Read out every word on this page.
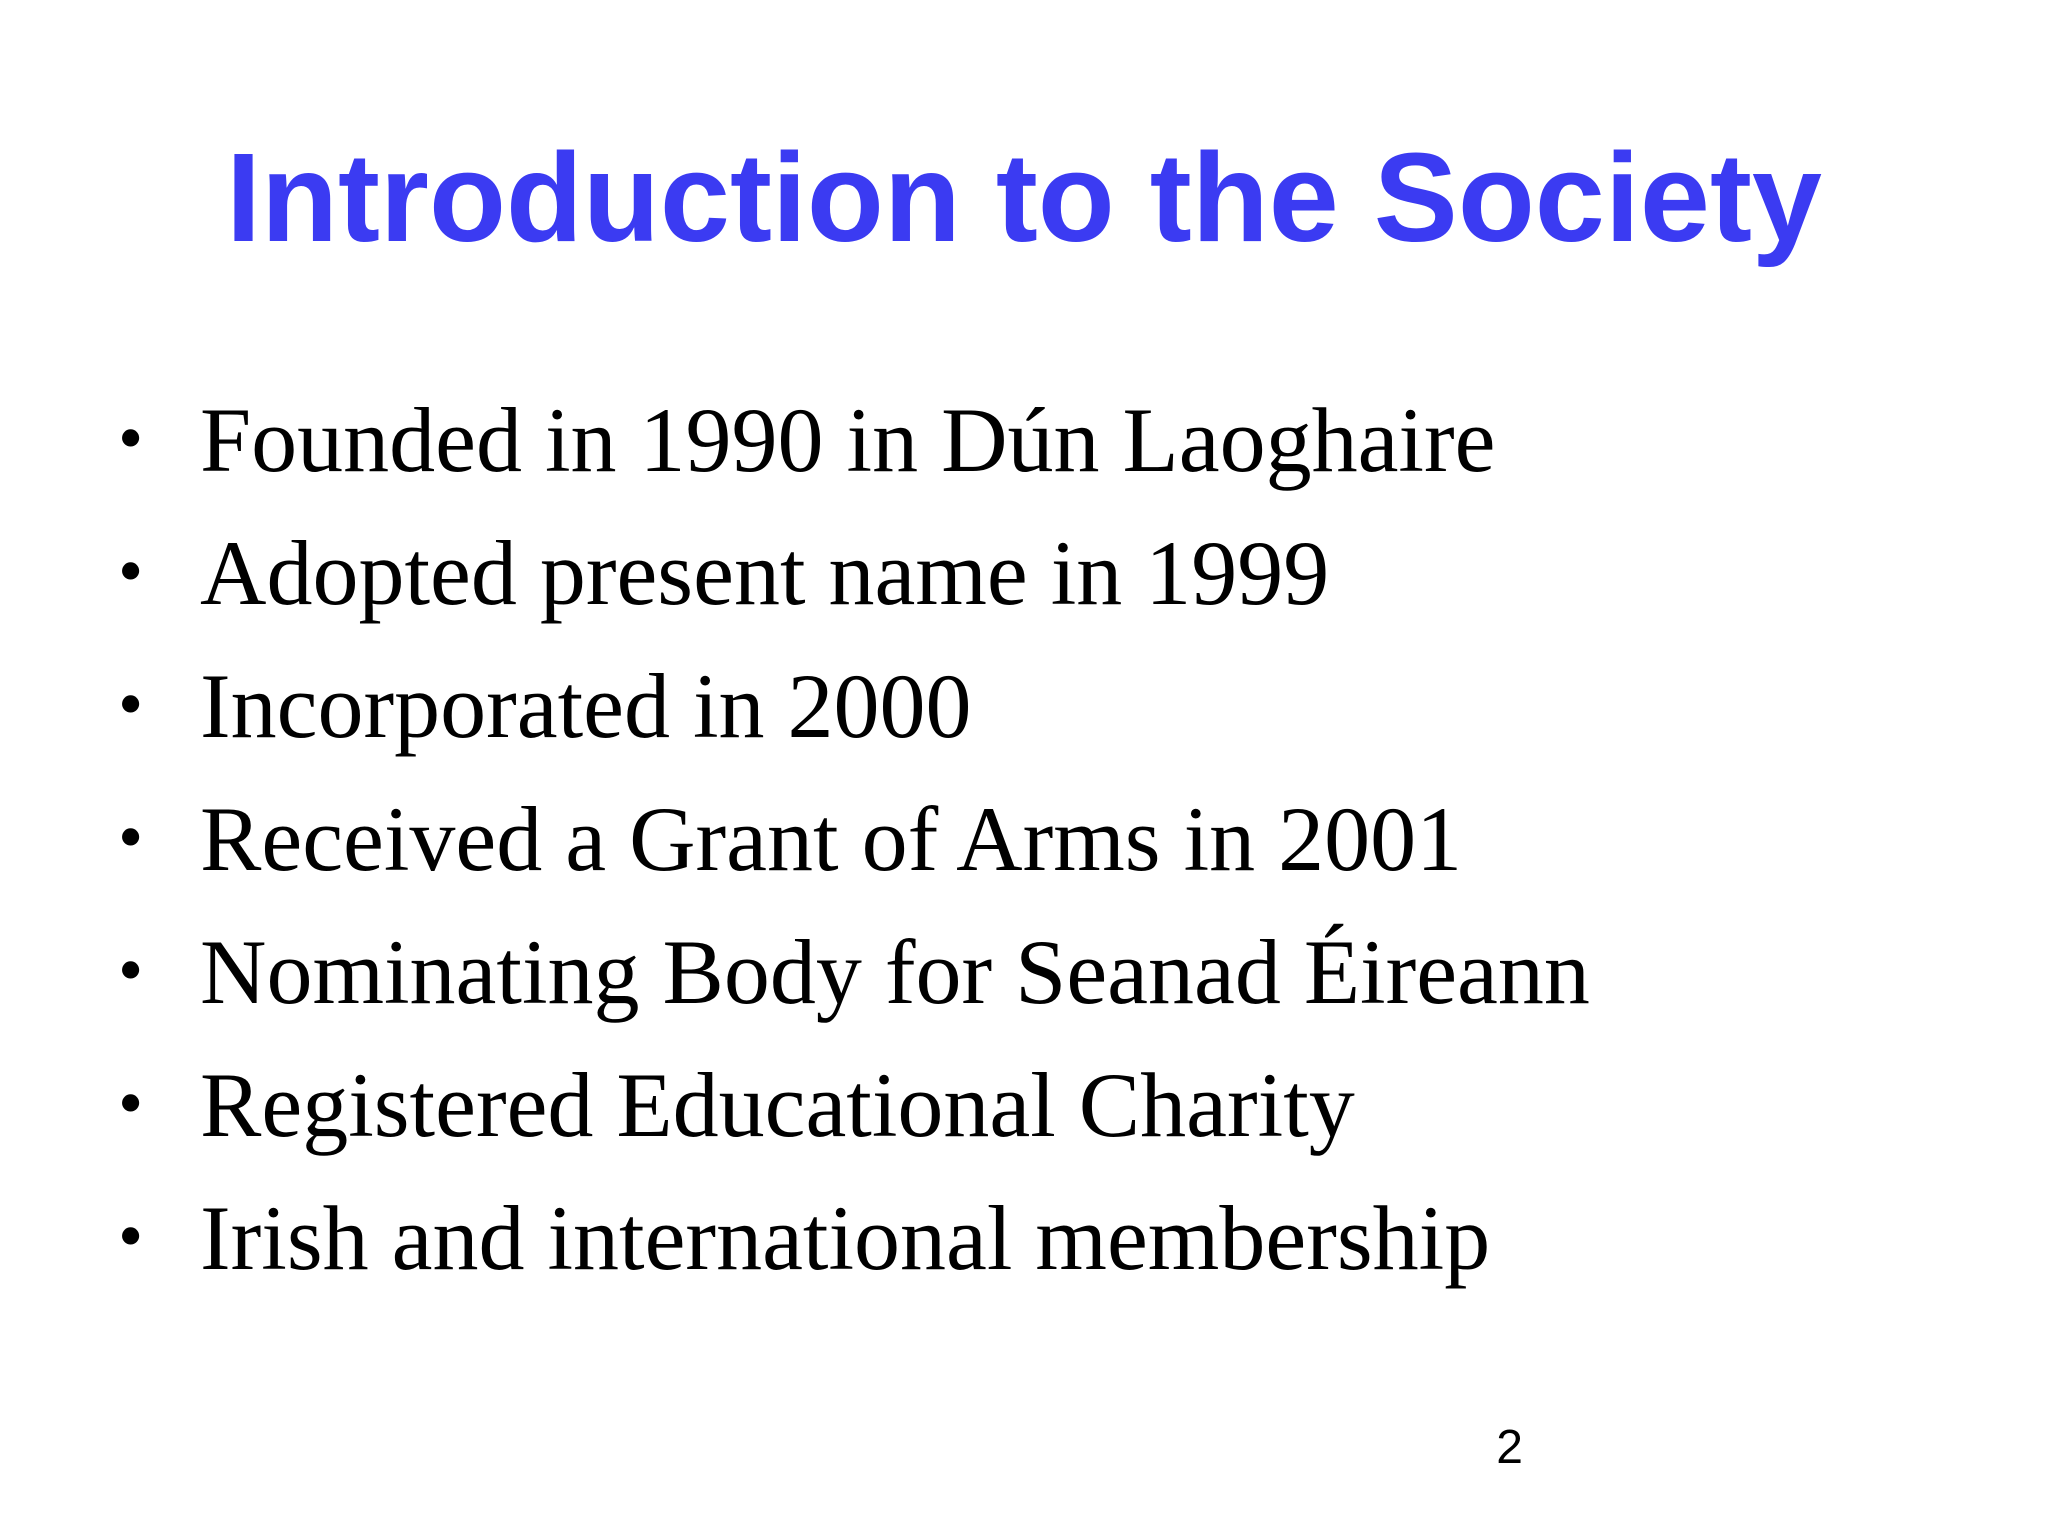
Introduction to the Society
• Founded in 1990 in Dún Laoghaire
• Adopted present name in 1999
• Incorporated in 2000
• Received a Grant of Arms in 2001
• Nominating Body for Seanad Éireann
• Registered Educational Charity
• Irish and international membership
2
